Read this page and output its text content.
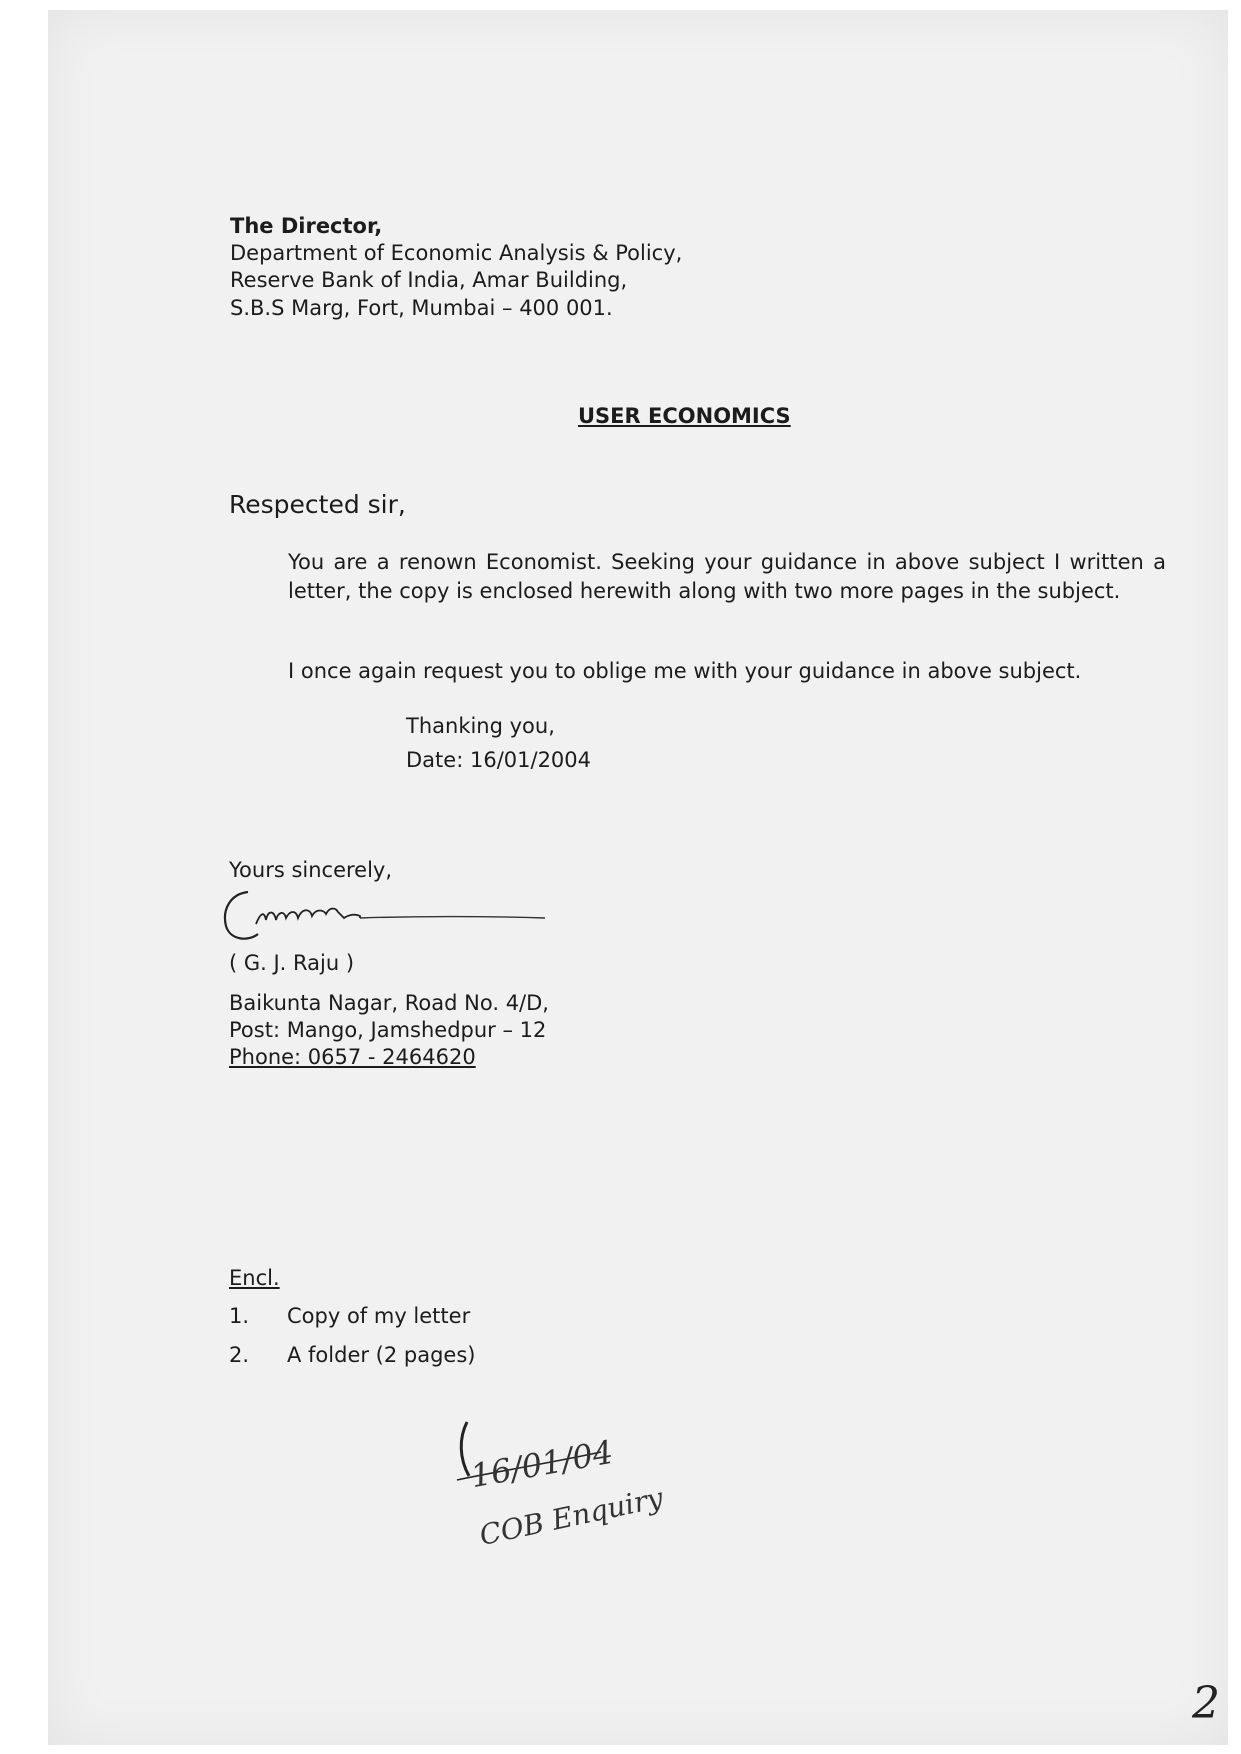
The Director,
Department of Economic Analysis & Policy,
Reserve Bank of India, Amar Building,
S.B.S Marg, Fort, Mumbai – 400 001.
USER ECONOMICS
Respected sir,
You are a renown Economist. Seeking your guidance in above subject I written a letter, the copy is enclosed herewith along with two more pages in the subject.
I once again request you to oblige me with your guidance in above subject.
Thanking you,
Date: 16/01/2004
Yours sincerely,
( G. J. Raju )
Baikunta Nagar, Road No. 4/D,
Post: Mango, Jamshedpur – 12
Phone: 0657 - 2464620
Encl.
1. Copy of my letter
2. A folder (2 pages)
16/01/04
COB Enquiry
2
